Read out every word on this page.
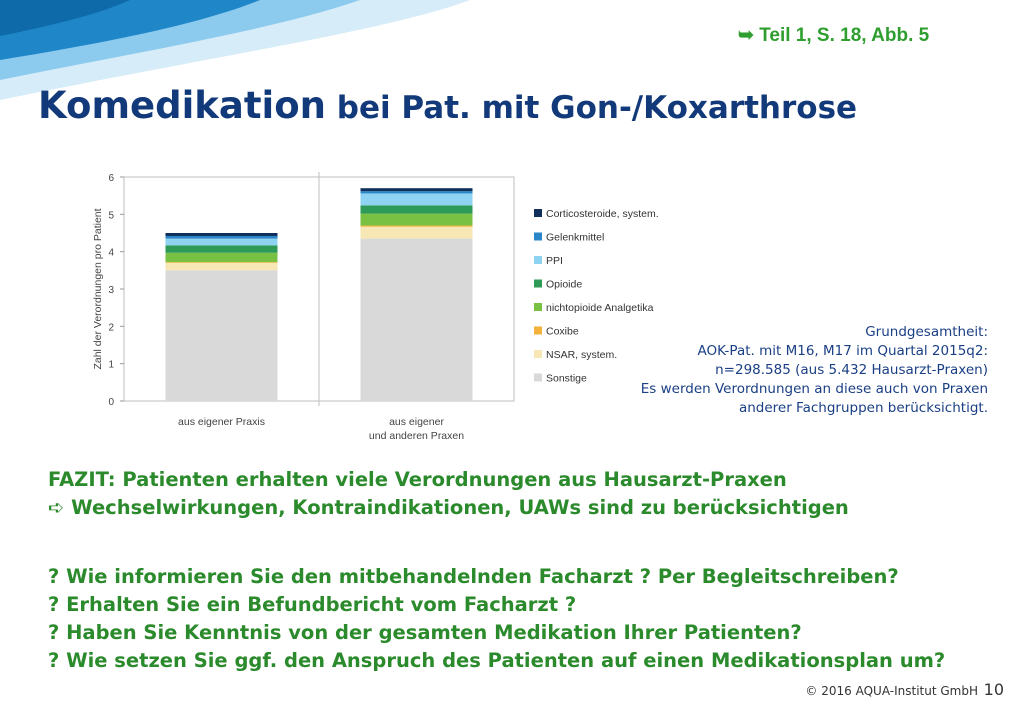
➥ Teil 1, S. 18, Abb. 5
Komedikation bei Pat. mit Gon-/Koxarthrose
0
1
2
3
4
5
6
Zahl der Verordnungen pro Patient
aus eigener Praxis	aus eigener
und anderen Praxen
Corticosteroide, system.
Gelenkmittel
PPI
Opioide
nichtopioide Analgetika
Coxibe
NSAR, system.
Sonstige
Grundgesamtheit:
AOK-Pat. mit M16, M17 im Quartal 2015q2:
n=298.585 (aus 5.432 Hausarzt-Praxen)
Es werden Verordnungen an diese auch von Praxen
anderer Fachgruppen berücksichtigt.
FAZIT: Patienten erhalten viele Verordnungen aus Hausarzt-Praxen
➪ Wechselwirkungen, Kontraindikationen, UAWs sind zu berücksichtigen
? Wie informieren Sie den mitbehandelnden Facharzt ? Per Begleitschreiben?
? Erhalten Sie ein Befundbericht vom Facharzt ?
? Haben Sie Kenntnis von der gesamten Medikation Ihrer Patienten?
? Wie setzen Sie ggf. den Anspruch des Patienten auf einen Medikationsplan um?
© 2016 AQUA-Institut GmbH 10
